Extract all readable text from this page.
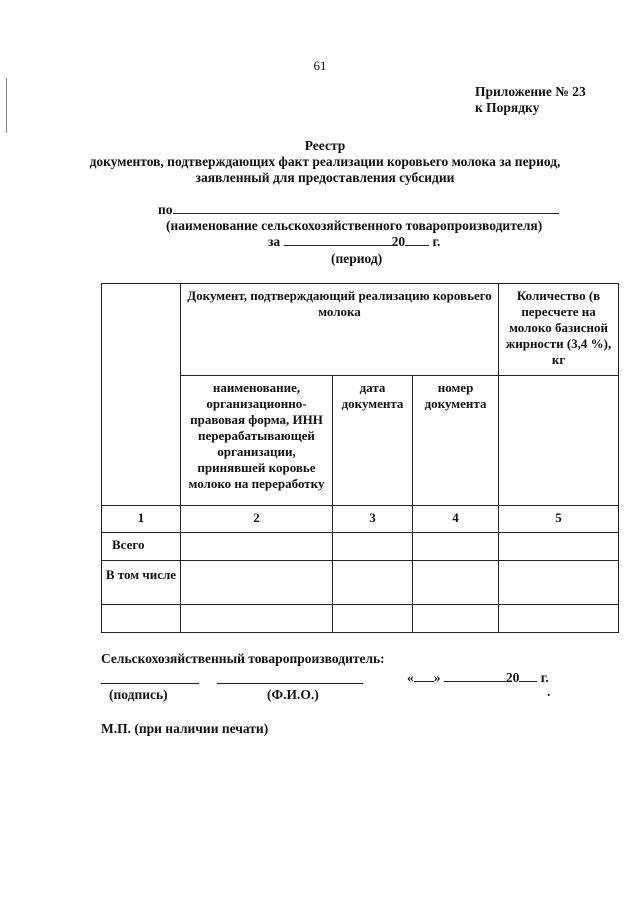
61
Приложение № 23
к Порядку
Реестр
документов, подтверждающих факт реализации коровьего молока за период,
заявленный для предоставления субсидии
по
(наименование сельскохозяйственного товаропроизводителя)
за	20 г.
(период)
	Документ, подтверждающий реализацию коровьего молока			Количество (в пересчете на молоко базисной жирности (3,4 %), кг
	наименование, организационно-правовая форма, ИНН перерабатывающей организации, принявшей коровье молоко на переработку	дата документа	номер документа	
1	2	3	4	5
Всего				
В том числе				

Сельскохозяйственный товаропроизводитель:
« »	20 г.
(подпись)	(Ф.И.О.)	.
М.П. (при наличии печати)
